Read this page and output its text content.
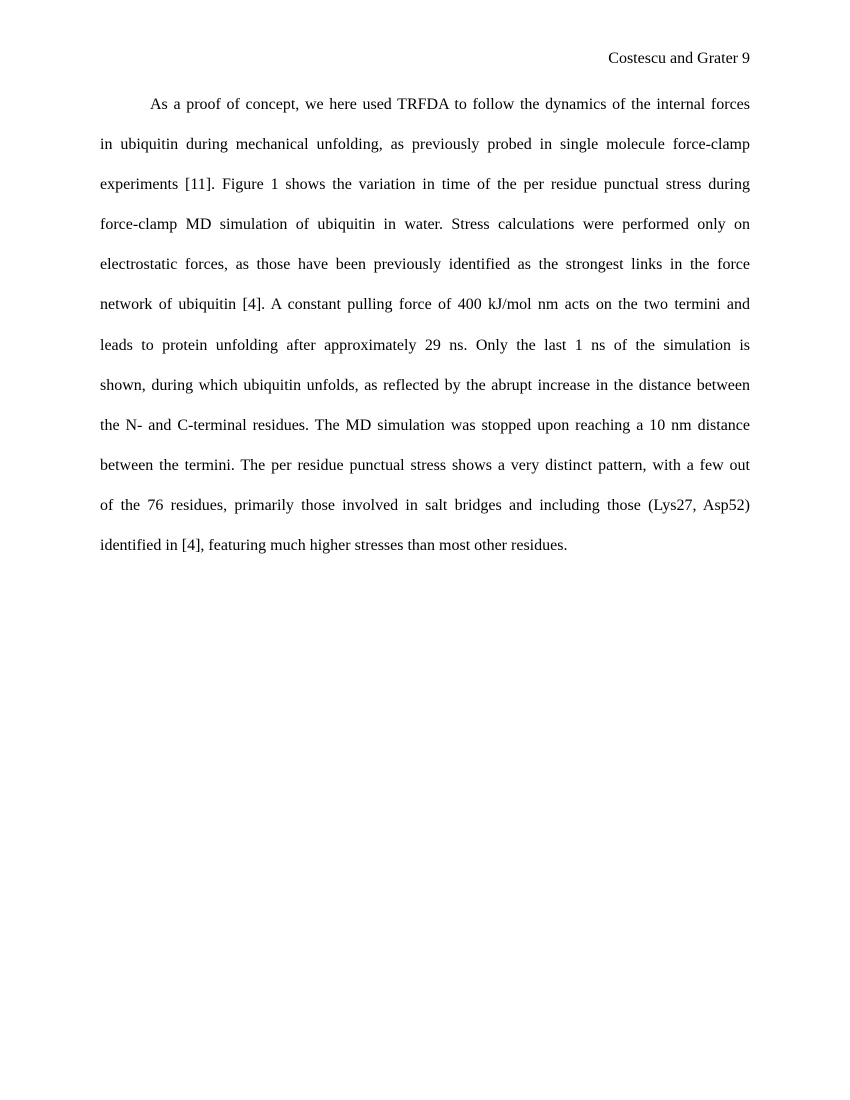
Costescu and Grater 9
As a proof of concept, we here used TRFDA to follow the dynamics of the internal forces
in ubiquitin during mechanical unfolding, as previously probed in single molecule force-clamp
experiments [11]. Figure 1 shows the variation in time of the per residue punctual stress during
force-clamp MD simulation of ubiquitin in water. Stress calculations were performed only on
electrostatic forces, as those have been previously identified as the strongest links in the force
network of ubiquitin [4]. A constant pulling force of 400 kJ/mol nm acts on the two termini and
leads to protein unfolding after approximately 29 ns. Only the last 1 ns of the simulation is
shown, during which ubiquitin unfolds, as reflected by the abrupt increase in the distance between
the N- and C-terminal residues. The MD simulation was stopped upon reaching a 10 nm distance
between the termini. The per residue punctual stress shows a very distinct pattern, with a few out
of the 76 residues, primarily those involved in salt bridges and including those (Lys27, Asp52)
identified in [4], featuring much higher stresses than most other residues.
